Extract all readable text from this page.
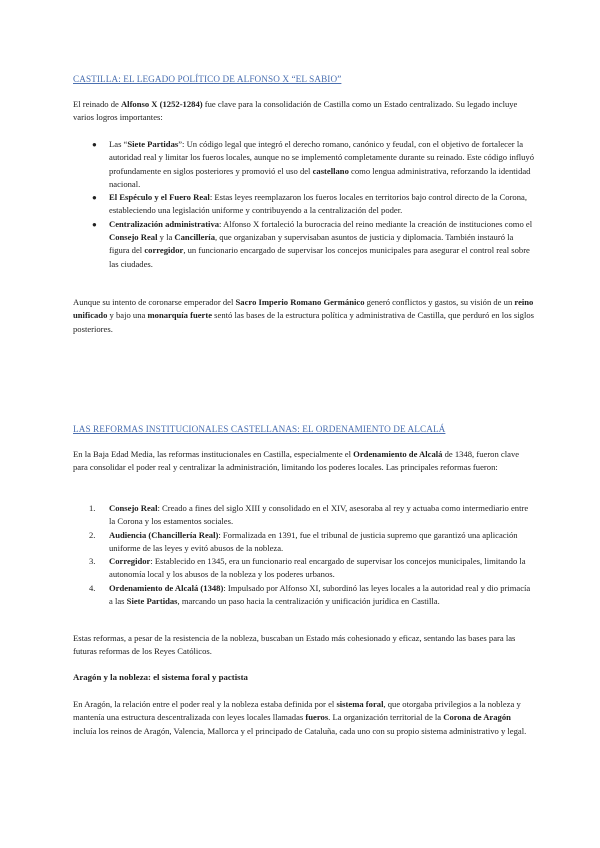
CASTILLA: EL LEGADO POLÍTICO DE ALFONSO X “EL SABIO”

El reinado de Alfonso X (1252-1284) fue clave para la consolidación de Castilla como un Estado centralizado. Su legado incluye varios logros importantes:

● Las “Siete Partidas”: Un código legal que integró el derecho romano, canónico y feudal, con el objetivo de fortalecer la autoridad real y limitar los fueros locales, aunque no se implementó completamente durante su reinado. Este código influyó profundamente en siglos posteriores y promovió el uso del castellano como lengua administrativa, reforzando la identidad nacional.
● El Espéculo y el Fuero Real: Estas leyes reemplazaron los fueros locales en territorios bajo control directo de la Corona, estableciendo una legislación uniforme y contribuyendo a la centralización del poder.
● Centralización administrativa: Alfonso X fortaleció la burocracia del reino mediante la creación de instituciones como el Consejo Real y la Cancillería, que organizaban y supervisaban asuntos de justicia y diplomacia. También instauró la figura del corregidor, un funcionario encargado de supervisar los concejos municipales para asegurar el control real sobre las ciudades.

Aunque su intento de coronarse emperador del Sacro Imperio Romano Germánico generó conflictos y gastos, su visión de un reino unificado y bajo una monarquía fuerte sentó las bases de la estructura política y administrativa de Castilla, que perduró en los siglos posteriores.

LAS REFORMAS INSTITUCIONALES CASTELLANAS: EL ORDENAMIENTO DE ALCALÁ

En la Baja Edad Media, las reformas institucionales en Castilla, especialmente el Ordenamiento de Alcalá de 1348, fueron clave para consolidar el poder real y centralizar la administración, limitando los poderes locales. Las principales reformas fueron:

1. Consejo Real: Creado a fines del siglo XIII y consolidado en el XIV, asesoraba al rey y actuaba como intermediario entre la Corona y los estamentos sociales.
2. Audiencia (Chancillería Real): Formalizada en 1391, fue el tribunal de justicia supremo que garantizó una aplicación uniforme de las leyes y evitó abusos de la nobleza.
3. Corregidor: Establecido en 1345, era un funcionario real encargado de supervisar los concejos municipales, limitando la autonomía local y los abusos de la nobleza y los poderes urbanos.
4. Ordenamiento de Alcalá (1348): Impulsado por Alfonso XI, subordinó las leyes locales a la autoridad real y dio primacía a las Siete Partidas, marcando un paso hacia la centralización y unificación jurídica en Castilla.

Estas reformas, a pesar de la resistencia de la nobleza, buscaban un Estado más cohesionado y eficaz, sentando las bases para las futuras reformas de los Reyes Católicos.

Aragón y la nobleza: el sistema foral y pactista

En Aragón, la relación entre el poder real y la nobleza estaba definida por el sistema foral, que otorgaba privilegios a la nobleza y mantenía una estructura descentralizada con leyes locales llamadas fueros. La organización territorial de la Corona de Aragón incluía los reinos de Aragón, Valencia, Mallorca y el principado de Cataluña, cada uno con su propio sistema administrativo y legal.
